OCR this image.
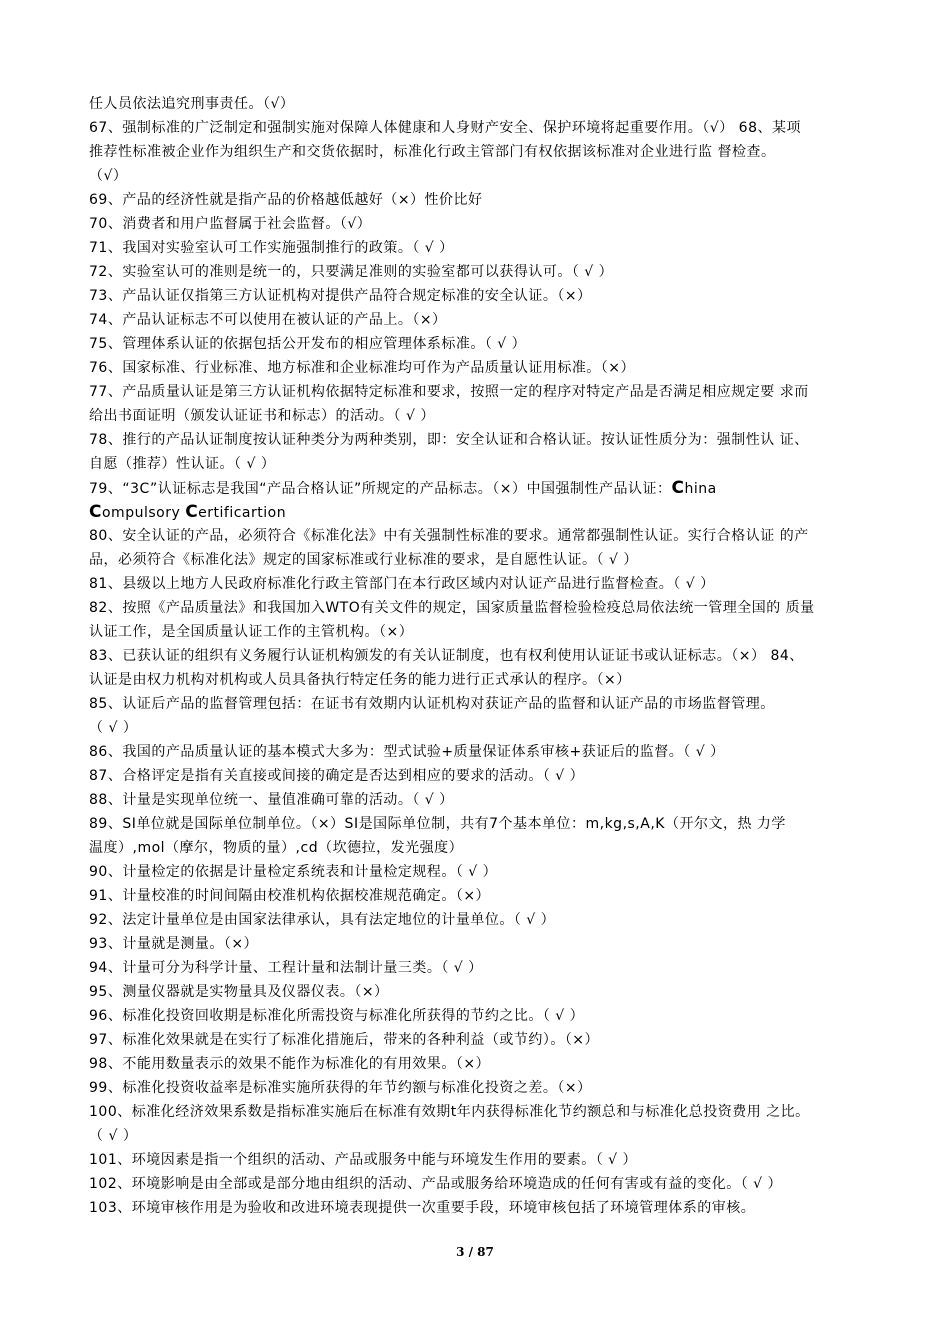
任人员依法追究刑事责任。（√）
67、强制标准的广泛制定和强制实施对保障人体健康和人身财产安全、保护环境将起重要作用。（√） 68、某项
推荐性标准被企业作为组织生产和交货依据时，标准化行政主管部门有权依据该标准对企业进行监 督检查。
（√）
69、产品的经济性就是指产品的价格越低越好（×）性价比好
70、消费者和用户监督属于社会监督。（√）
71、我国对实验室认可工作实施强制推行的政策。（ √ ）
72、实验室认可的准则是统一的，只要满足准则的实验室都可以获得认可。（ √ ）
73、产品认证仅指第三方认证机构对提供产品符合规定标准的安全认证。（×）
74、产品认证标志不可以使用在被认证的产品上。（×）
75、管理体系认证的依据包括公开发布的相应管理体系标准。（ √ ）
76、国家标准、行业标准、地方标准和企业标准均可作为产品质量认证用标准。（×）
77、产品质量认证是第三方认证机构依据特定标准和要求，按照一定的程序对特定产品是否满足相应规定要 求而
给出书面证明（颁发认证证书和标志）的活动。（ √ ）
78、推行的产品认证制度按认证种类分为两种类别，即：安全认证和合格认证。按认证性质分为：强制性认 证、
自愿（推荐）性认证。（ √ ）
79、“3C”认证标志是我国“产品合格认证”所规定的产品标志。（×）中国强制性产品认证：China
Compulsory Certificartion
80、安全认证的产品，必须符合《标准化法》中有关强制性标准的要求。通常都强制性认证。实行合格认证 的产
品，必须符合《标准化法》规定的国家标准或行业标准的要求，是自愿性认证。（ √ ）
81、县级以上地方人民政府标准化行政主管部门在本行政区域内对认证产品进行监督检查。（ √ ）
82、按照《产品质量法》和我国加入WTO有关文件的规定，国家质量监督检验检疫总局依法统一管理全国的 质量
认证工作，是全国质量认证工作的主管机构。（×）
83、已获认证的组织有义务履行认证机构颁发的有关认证制度，也有权利使用认证证书或认证标志。（×） 84、
认证是由权力机构对机构或人员具备执行特定任务的能力进行正式承认的程序。（×）
85、认证后产品的监督管理包括：在证书有效期内认证机构对获证产品的监督和认证产品的市场监督管理。
（ √ ）
86、我国的产品质量认证的基本模式大多为：型式试验+质量保证体系审核+获证后的监督。（ √ ）
87、合格评定是指有关直接或间接的确定是否达到相应的要求的活动。（ √ ）
88、计量是实现单位统一、量值准确可靠的活动。（ √ ）
89、SI单位就是国际单位制单位。（×）SI是国际单位制，共有7个基本单位：m,kg,s,A,K（开尔文，热 力学
温度）,mol（摩尔，物质的量）,cd（坎德拉，发光强度）
90、计量检定的依据是计量检定系统表和计量检定规程。（ √ ）
91、计量校准的时间间隔由校准机构依据校准规范确定。（×）
92、法定计量单位是由国家法律承认，具有法定地位的计量单位。（ √ ）
93、计量就是测量。（×）
94、计量可分为科学计量、工程计量和法制计量三类。（ √ ）
95、测量仪器就是实物量具及仪器仪表。（×）
96、标准化投资回收期是标准化所需投资与标准化所获得的节约之比。（ √ ）
97、标准化效果就是在实行了标准化措施后，带来的各种利益（或节约）。（×）
98、不能用数量表示的效果不能作为标准化的有用效果。（×）
99、标准化投资收益率是标准实施所获得的年节约额与标准化投资之差。（×）
100、标准化经济效果系数是指标准实施后在标准有效期t年内获得标准化节约额总和与标准化总投资费用 之比。
（ √ ）
101、环境因素是指一个组织的活动、产品或服务中能与环境发生作用的要素。（ √ ）
102、环境影响是由全部或是部分地由组织的活动、产品或服务给环境造成的任何有害或有益的变化。（ √ ）
103、环境审核作用是为验收和改进环境表现提供一次重要手段，环境审核包括了环境管理体系的审核。
3 / 87
